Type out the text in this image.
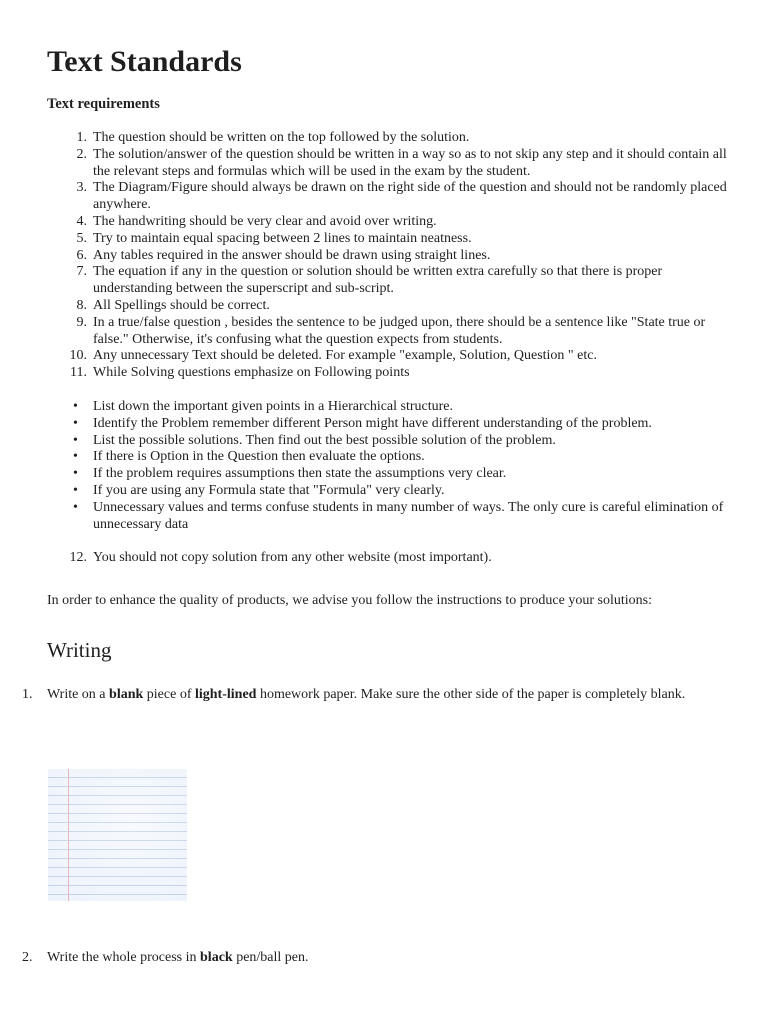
Text Standards
Text requirements
1. The question should be written on the top followed by the solution.
2. The solution/answer of the question should be written in a way so as to not skip any step and it should contain all the relevant steps and formulas which will be used in the exam by the student.
3. The Diagram/Figure should always be drawn on the right side of the question and should not be randomly placed anywhere.
4. The handwriting should be very clear and avoid over writing.
5. Try to maintain equal spacing between 2 lines to maintain neatness.
6. Any tables required in the answer should be drawn using straight lines.
7. The equation if any in the question or solution should be written extra carefully so that there is proper understanding between the superscript and sub-script.
8. All Spellings should be correct.
9. In a true/false question , besides the sentence to be judged upon, there should be a sentence like "State true or false." Otherwise, it's confusing what the question expects from students.
10. Any unnecessary Text should be deleted. For example "example, Solution, Question " etc.
11. While Solving questions emphasize on Following points
•	List down the important given points in a Hierarchical structure.
•	Identify the Problem remember different Person might have different understanding of the problem.
•	List the possible solutions. Then find out the best possible solution of the problem.
•	If there is Option in the Question then evaluate the options.
•	If the problem requires assumptions then state the assumptions very clear.
•	If you are using any Formula state that "Formula" very clearly.
•	Unnecessary values and terms confuse students in many number of ways. The only cure is careful elimination of unnecessary data
12. You should not copy solution from any other website (most important).

In order to enhance the quality of products, we advise you follow the instructions to produce your solutions:

Writing
1.	Write on a blank piece of light-lined homework paper. Make sure the other side of the paper is completely blank.
2.	Write the whole process in black pen/ball pen.
